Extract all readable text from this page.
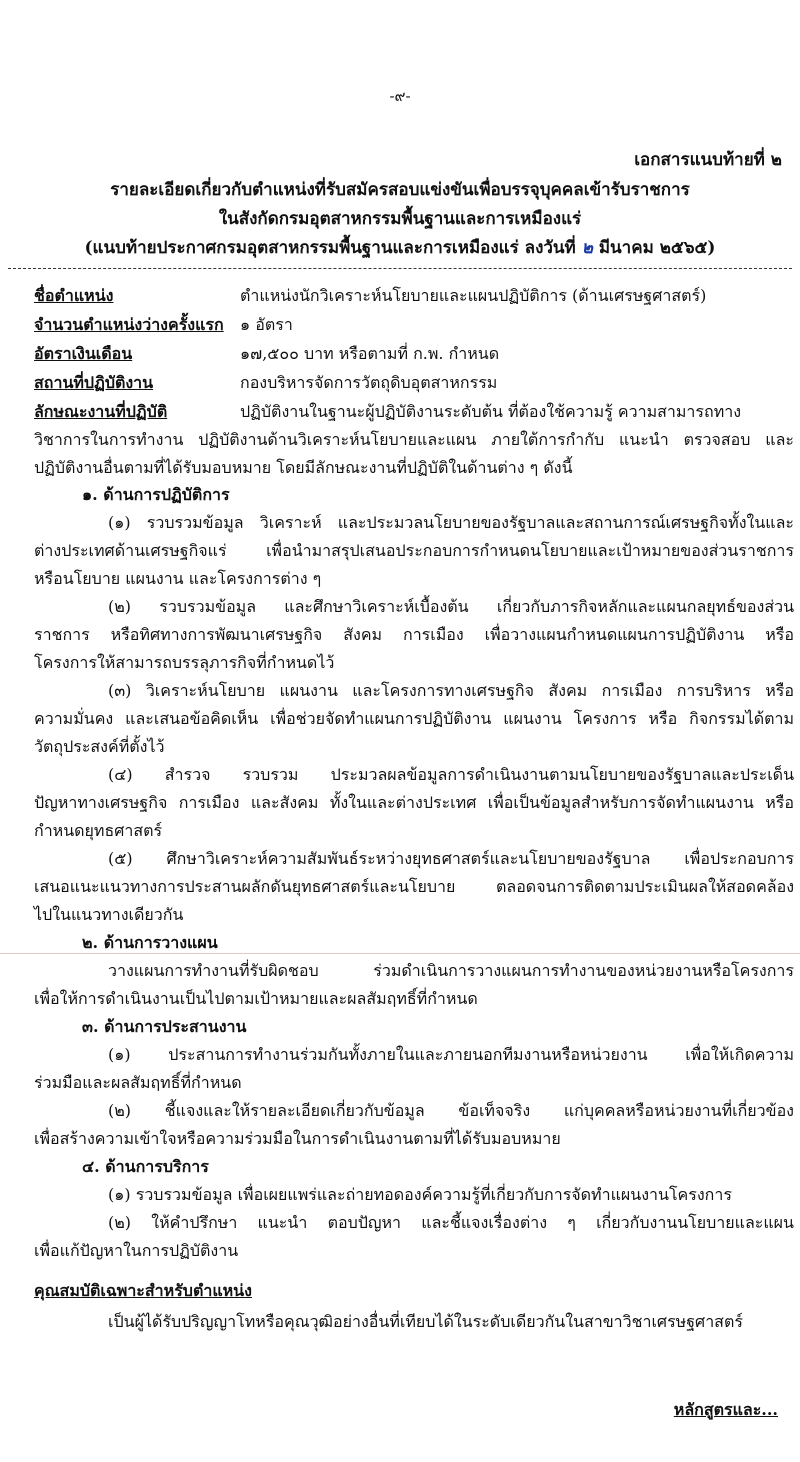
-๙-
เอกสารแนบท้ายที่ ๒
รายละเอียดเกี่ยวกับตำแหน่งที่รับสมัครสอบแข่งขันเพื่อบรรจุบุคคลเข้ารับราชการ
ในสังกัดกรมอุตสาหกรรมพื้นฐานและการเหมืองแร่
(แนบท้ายประกาศกรมอุตสาหกรรมพื้นฐานและการเหมืองแร่ ลงวันที่ ๒ มีนาคม ๒๕๖๕)
ชื่อตำแหน่ง	ตำแหน่งนักวิเคราะห์นโยบายและแผนปฏิบัติการ (ด้านเศรษฐศาสตร์)
จำนวนตำแหน่งว่างครั้งแรก ๑ อัตรา
อัตราเงินเดือน	๑๗,๕๐๐ บาท หรือตามที่ ก.พ. กำหนด
สถานที่ปฏิบัติงาน	กองบริหารจัดการวัตถุดิบอุตสาหกรรม
ลักษณะงานที่ปฏิบัติ	ปฏิบัติงานในฐานะผู้ปฏิบัติงานระดับต้น ที่ต้องใช้ความรู้ ความสามารถทาง
วิชาการในการทำงาน ปฏิบัติงานด้านวิเคราะห์นโยบายและแผน ภายใต้การกำกับ แนะนำ ตรวจสอบ และ
ปฏิบัติงานอื่นตามที่ได้รับมอบหมาย โดยมีลักษณะงานที่ปฏิบัติในด้านต่าง ๆ ดังนี้
๑. ด้านการปฏิบัติการ
(๑) รวบรวมข้อมูล วิเคราะห์ และประมวลนโยบายของรัฐบาลและสถานการณ์เศรษฐกิจทั้งในและ
ต่างประเทศด้านเศรษฐกิจแร่ เพื่อนำมาสรุปเสนอประกอบการกำหนดนโยบายและเป้าหมายของส่วนราชการ
หรือนโยบาย แผนงาน และโครงการต่าง ๆ
(๒) รวบรวมข้อมูล และศึกษาวิเคราะห์เบื้องต้น เกี่ยวกับภารกิจหลักและแผนกลยุทธ์ของส่วน
ราชการ หรือทิศทางการพัฒนาเศรษฐกิจ สังคม การเมือง เพื่อวางแผนกำหนดแผนการปฏิบัติงาน หรือ
โครงการให้สามารถบรรลุภารกิจที่กำหนดไว้
(๓) วิเคราะห์นโยบาย แผนงาน และโครงการทางเศรษฐกิจ สังคม การเมือง การบริหาร หรือ
ความมั่นคง และเสนอข้อคิดเห็น เพื่อช่วยจัดทำแผนการปฏิบัติงาน แผนงาน โครงการ หรือ กิจกรรมได้ตาม
วัตถุประสงค์ที่ตั้งไว้
(๔) สำรวจ รวบรวม ประมวลผลข้อมูลการดำเนินงานตามนโยบายของรัฐบาลและประเด็น
ปัญหาทางเศรษฐกิจ การเมือง และสังคม ทั้งในและต่างประเทศ เพื่อเป็นข้อมูลสำหรับการจัดทำแผนงาน หรือ
กำหนดยุทธศาสตร์
(๕) ศึกษาวิเคราะห์ความสัมพันธ์ระหว่างยุทธศาสตร์และนโยบายของรัฐบาล เพื่อประกอบการ
เสนอแนะแนวทางการประสานผลักดันยุทธศาสตร์และนโยบาย ตลอดจนการติดตามประเมินผลให้สอดคล้อง
ไปในแนวทางเดียวกัน
๒. ด้านการวางแผน
วางแผนการทำงานที่รับผิดชอบ ร่วมดำเนินการวางแผนการทำงานของหน่วยงานหรือโครงการ
เพื่อให้การดำเนินงานเป็นไปตามเป้าหมายและผลสัมฤทธิ์ที่กำหนด
๓. ด้านการประสานงาน
(๑) ประสานการทำงานร่วมกันทั้งภายในและภายนอกทีมงานหรือหน่วยงาน เพื่อให้เกิดความ
ร่วมมือและผลสัมฤทธิ์ที่กำหนด
(๒) ชี้แจงและให้รายละเอียดเกี่ยวกับข้อมูล ข้อเท็จจริง แก่บุคคลหรือหน่วยงานที่เกี่ยวข้อง
เพื่อสร้างความเข้าใจหรือความร่วมมือในการดำเนินงานตามที่ได้รับมอบหมาย
๔. ด้านการบริการ
(๑) รวบรวมข้อมูล เพื่อเผยแพร่และถ่ายทอดองค์ความรู้ที่เกี่ยวกับการจัดทำแผนงานโครงการ
(๒) ให้คำปรึกษา แนะนำ ตอบปัญหา และชี้แจงเรื่องต่าง ๆ เกี่ยวกับงานนโยบายและแผน
เพื่อแก้ปัญหาในการปฏิบัติงาน
คุณสมบัติเฉพาะสำหรับตำแหน่ง
เป็นผู้ได้รับปริญญาโทหรือคุณวุฒิอย่างอื่นที่เทียบได้ในระดับเดียวกันในสาขาวิชาเศรษฐศาสตร์
หลักสูตรและ...
